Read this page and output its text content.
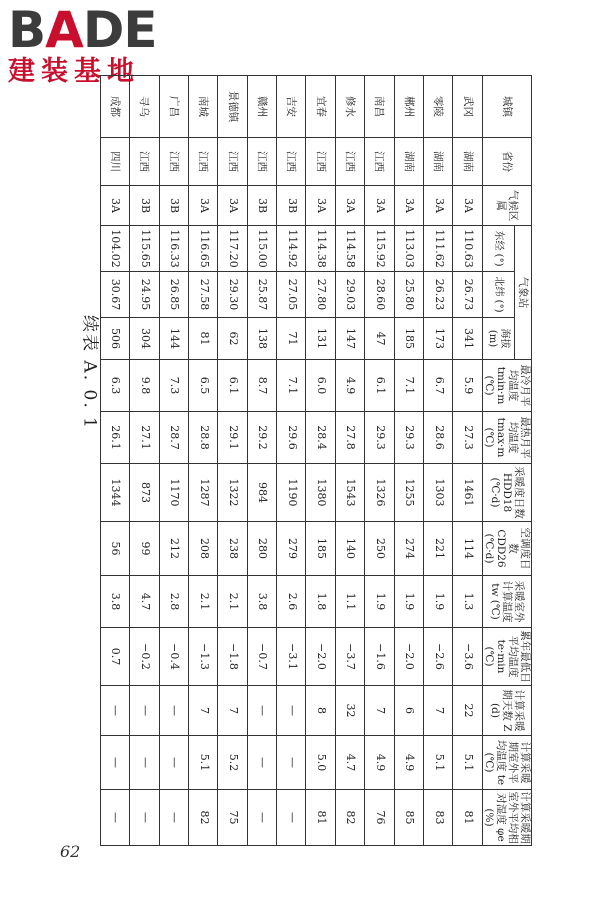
BADE
建装基地
续表 A. 0. 1
城镇	省份	气候区属	气象站			最冷月平均温度 tmin·m (℃)	最热月平均温度 tmax·m (℃)	采暖度日数 HDD18 (℃·d)	空调度日数 CDD26 (℃·d)	采暖室外计算温度 tw (℃)	累年最低日平均温度 te·min (℃)	计算采暖期天数 Z (d)	计算采暖期室外平均温度 te (℃)	计算采暖期室外平均相对湿度 φe (%)
			东经 (°)	北纬 (°)	海拔 (m)									
武冈	湖南	3A	110.63	26.73	341	5.9	27.3	1461	114	1.3	−3.6	22	5.1	81
零陵	湖南	3A	111.62	26.23	173	6.7	28.6	1303	221	1.9	−2.6	7	5.1	83
郴州	湖南	3A	113.03	25.80	185	7.1	29.3	1255	274	1.9	−2.0	6	4.9	85
南昌	江西	3A	115.92	28.60	47	6.1	29.3	1326	250	1.9	−1.6	7	4.9	76
修水	江西	3A	114.58	29.03	147	4.9	27.8	1543	140	1.1	−3.7	32	4.7	82
宜春	江西	3A	114.38	27.80	131	6.0	28.4	1380	185	1.8	−2.0	8	5.0	81
吉安	江西	3B	114.92	27.05	71	7.1	29.6	1190	279	2.6	−3.1	—	—	—
赣州	江西	3B	115.00	25.87	138	8.7	29.2	984	280	3.8	−0.7	—	—	—
景德镇	江西	3A	117.20	29.30	62	6.1	29.1	1322	238	2.1	−1.8	7	5.2	75
南城	江西	3A	116.65	27.58	81	6.5	28.8	1287	208	2.1	−1.3	7	5.1	82
广昌	江西	3B	116.33	26.85	144	7.3	28.7	1170	212	2.8	−0.4	—	—	—
寻乌	江西	3B	115.65	24.95	304	9.8	27.1	873	99	4.7	−0.2	—	—	—
成都	四川	3A	104.02	30.67	506	6.3	26.1	1344	56	3.8	0.7	—	—	—
62
